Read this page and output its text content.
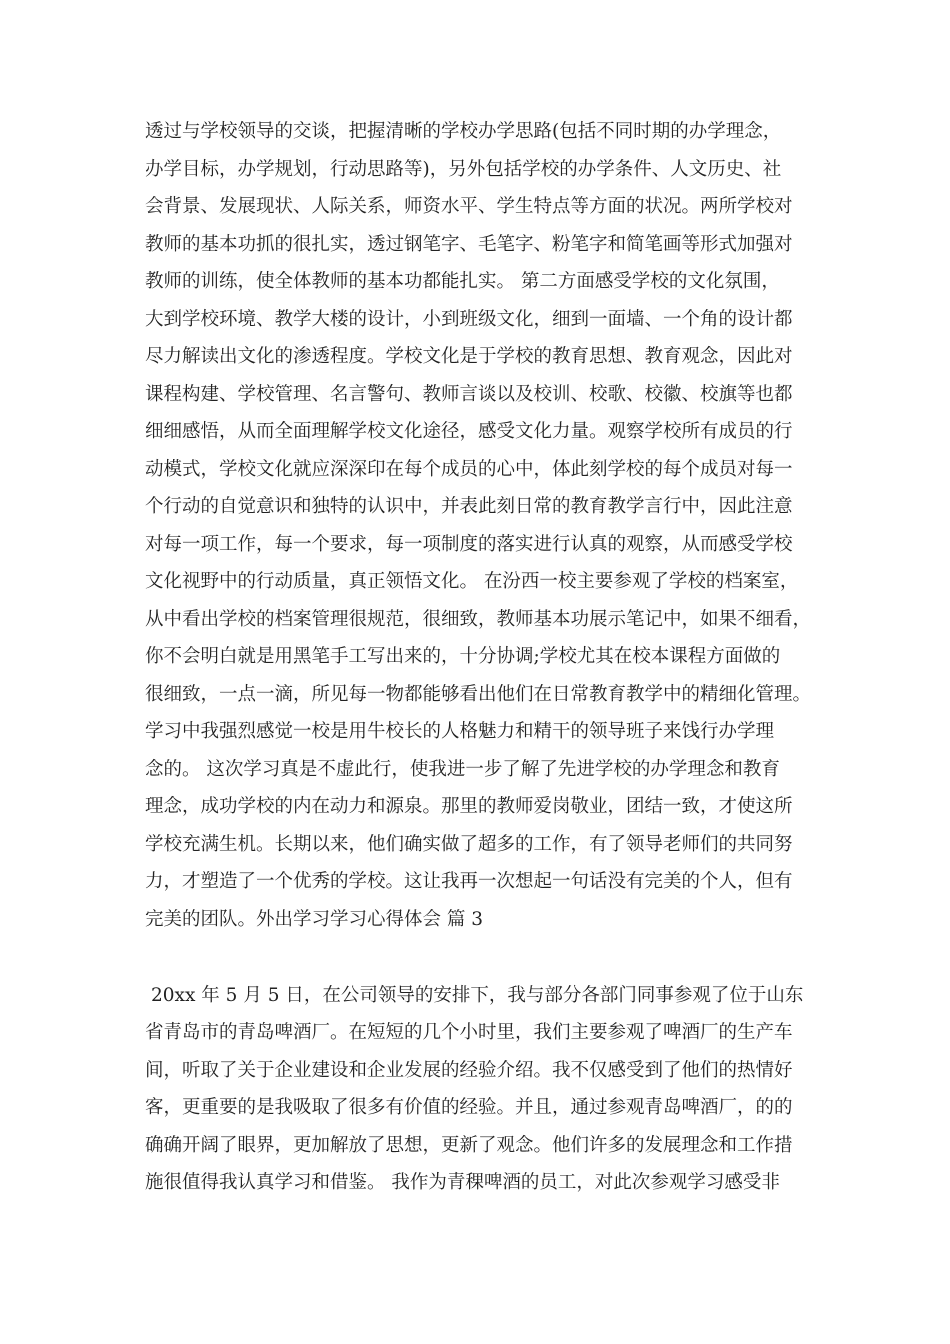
透过与学校领导的交谈，把握清晰的学校办学思路(包括不同时期的办学理念，
办学目标，办学规划，行动思路等)，另外包括学校的办学条件、人文历史、社
会背景、发展现状、人际关系，师资水平、学生特点等方面的状况。两所学校对
教师的基本功抓的很扎实，透过钢笔字、毛笔字、粉笔字和简笔画等形式加强对
教师的训练，使全体教师的基本功都能扎实。 第二方面感受学校的文化氛围，
大到学校环境、教学大楼的设计，小到班级文化，细到一面墙、一个角的设计都
尽力解读出文化的渗透程度。学校文化是于学校的教育思想、教育观念，因此对
课程构建、学校管理、名言警句、教师言谈以及校训、校歌、校徽、校旗等也都
细细感悟，从而全面理解学校文化途径，感受文化力量。观察学校所有成员的行
动模式，学校文化就应深深印在每个成员的心中，体此刻学校的每个成员对每一
个行动的自觉意识和独特的认识中，并表此刻日常的教育教学言行中，因此注意
对每一项工作，每一个要求，每一项制度的落实进行认真的观察，从而感受学校
文化视野中的行动质量，真正领悟文化。 在汾西一校主要参观了学校的档案室，
从中看出学校的档案管理很规范，很细致，教师基本功展示笔记中，如果不细看，
你不会明白就是用黑笔手工写出来的，十分协调;学校尤其在校本课程方面做的
很细致，一点一滴，所见每一物都能够看出他们在日常教育教学中的精细化管理。
学习中我强烈感觉一校是用牛校长的人格魅力和精干的领导班子来饯行办学理
念的。 这次学习真是不虚此行，使我进一步了解了先进学校的办学理念和教育
理念，成功学校的内在动力和源泉。那里的教师爱岗敬业，团结一致，才使这所
学校充满生机。长期以来，他们确实做了超多的工作，有了领导老师们的共同努
力，才塑造了一个优秀的学校。这让我再一次想起一句话没有完美的个人，但有
完美的团队。外出学习学习心得体会 篇 3
20xx 年 5 月 5 日，在公司领导的安排下，我与部分各部门同事参观了位于山东
省青岛市的青岛啤酒厂。在短短的几个小时里，我们主要参观了啤酒厂的生产车
间，听取了关于企业建设和企业发展的经验介绍。我不仅感受到了他们的热情好
客，更重要的是我吸取了很多有价值的经验。并且，通过参观青岛啤酒厂，的的
确确开阔了眼界，更加解放了思想，更新了观念。他们许多的发展理念和工作措
施很值得我认真学习和借鉴。 我作为青稞啤酒的员工，对此次参观学习感受非
